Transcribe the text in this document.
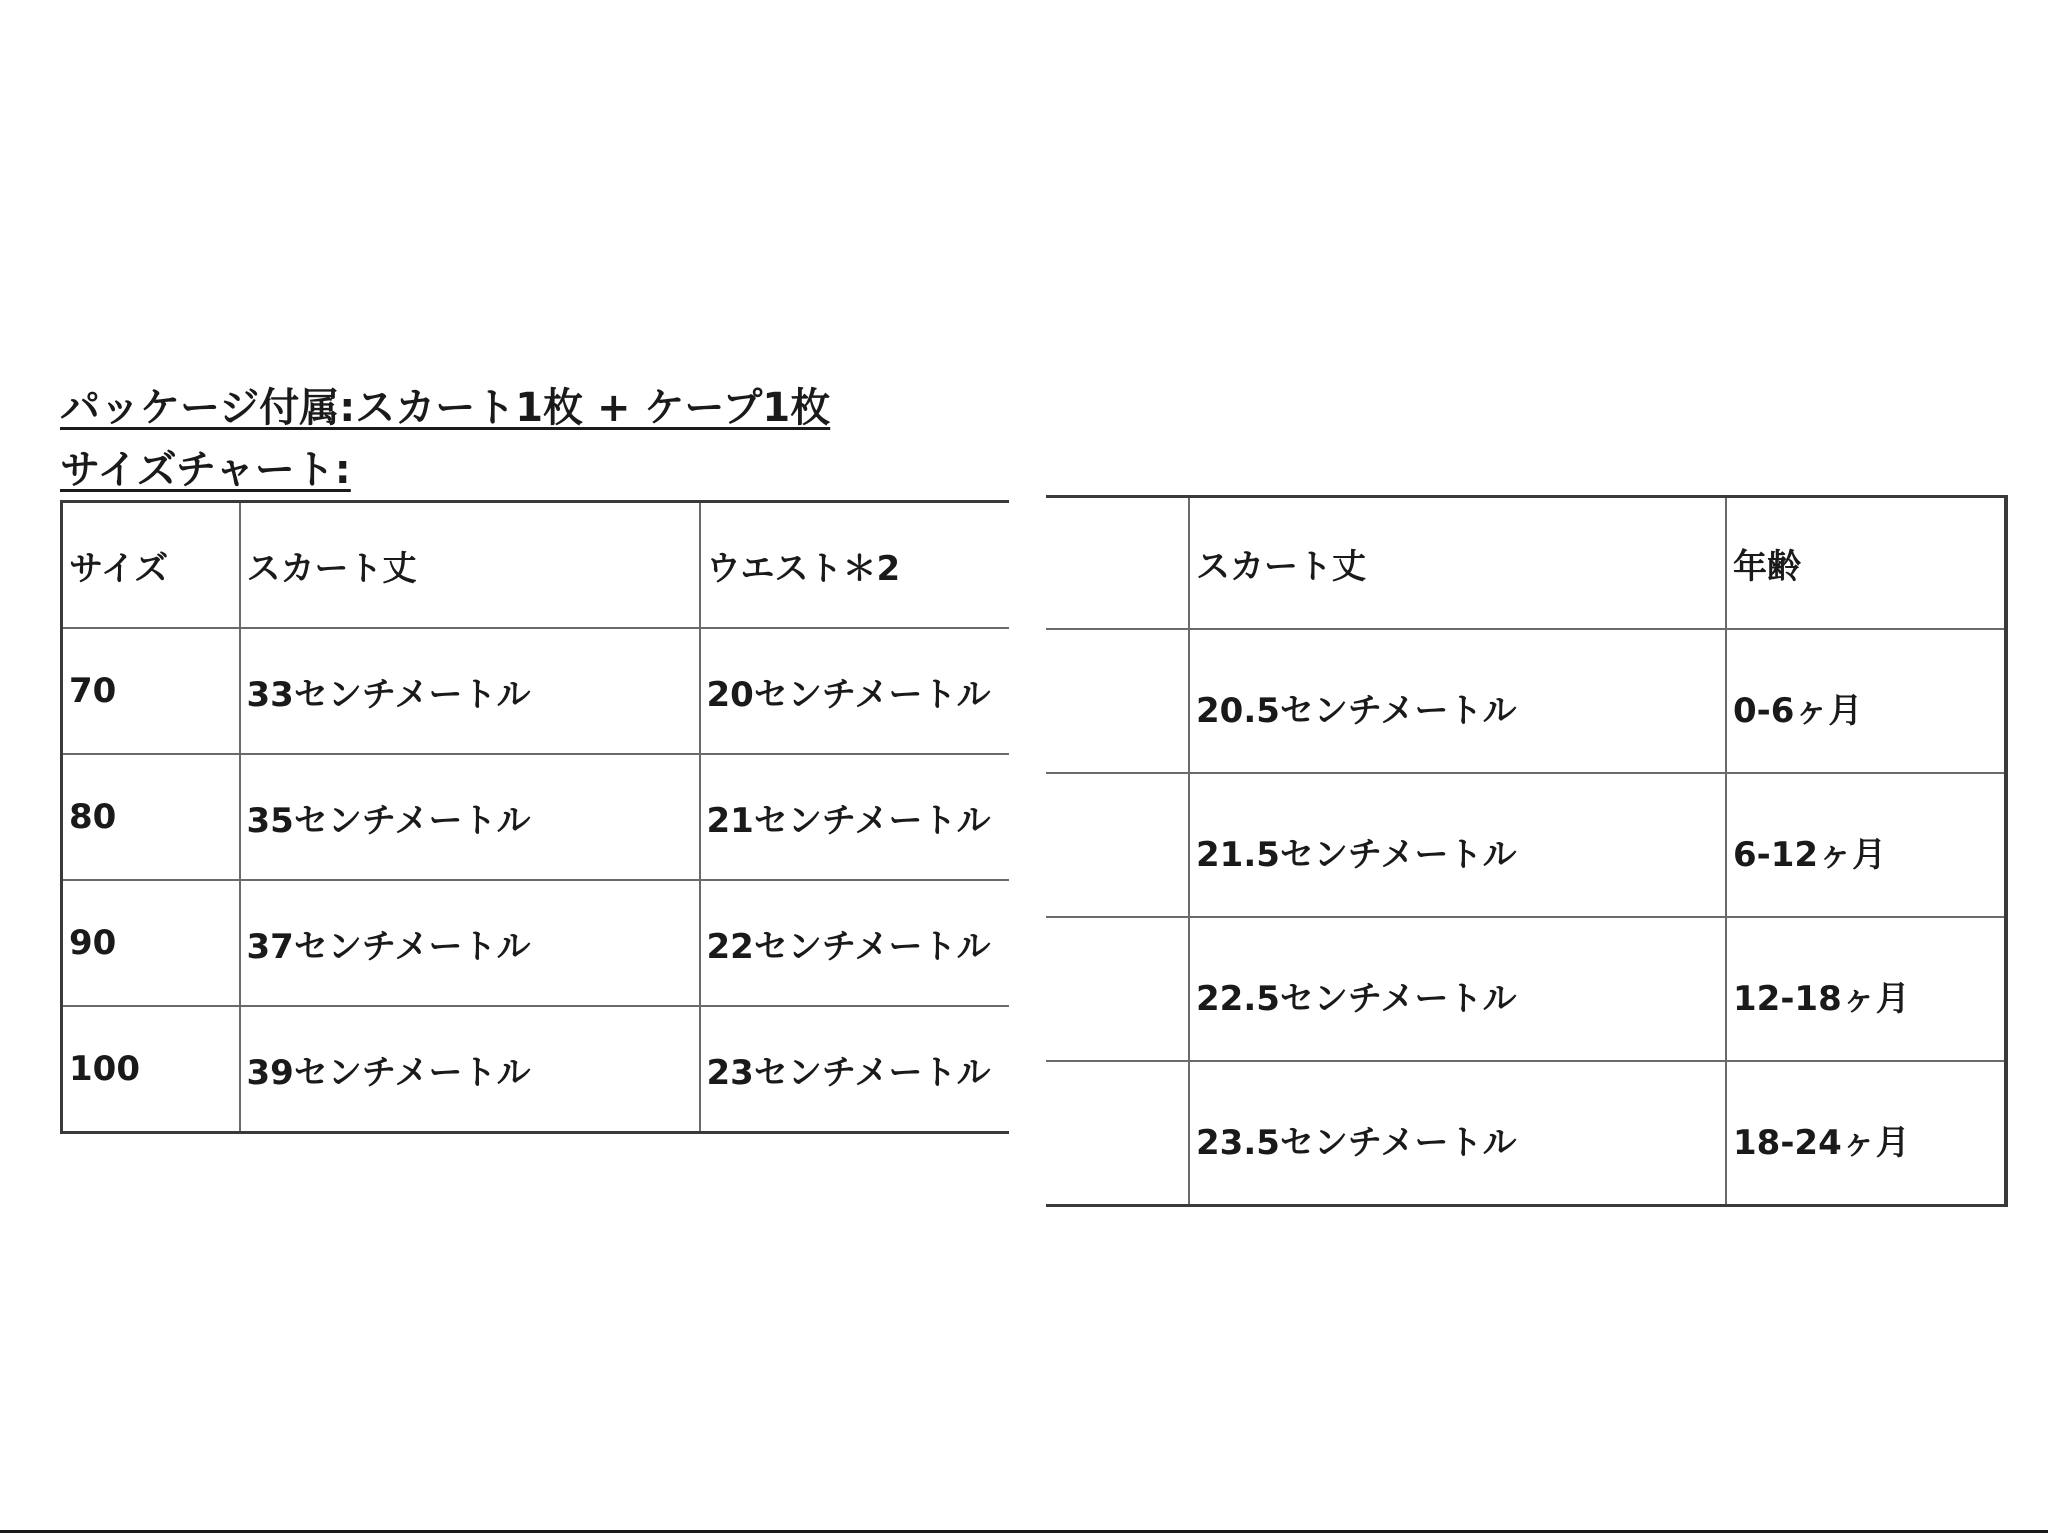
パッケージ付属:スカート1枚 + ケープ1枚
サイズチャート:
サイズ	スカート丈	ウエスト＊2
70	33センチメートル	20センチメートル
80	35センチメートル	21センチメートル
90	37センチメートル	22センチメートル
100	39センチメートル	23センチメートル
	スカート丈	年齢
	20.5センチメートル	0-6ヶ月
	21.5センチメートル	6-12ヶ月
	22.5センチメートル	12-18ヶ月
	23.5センチメートル	18-24ヶ月
